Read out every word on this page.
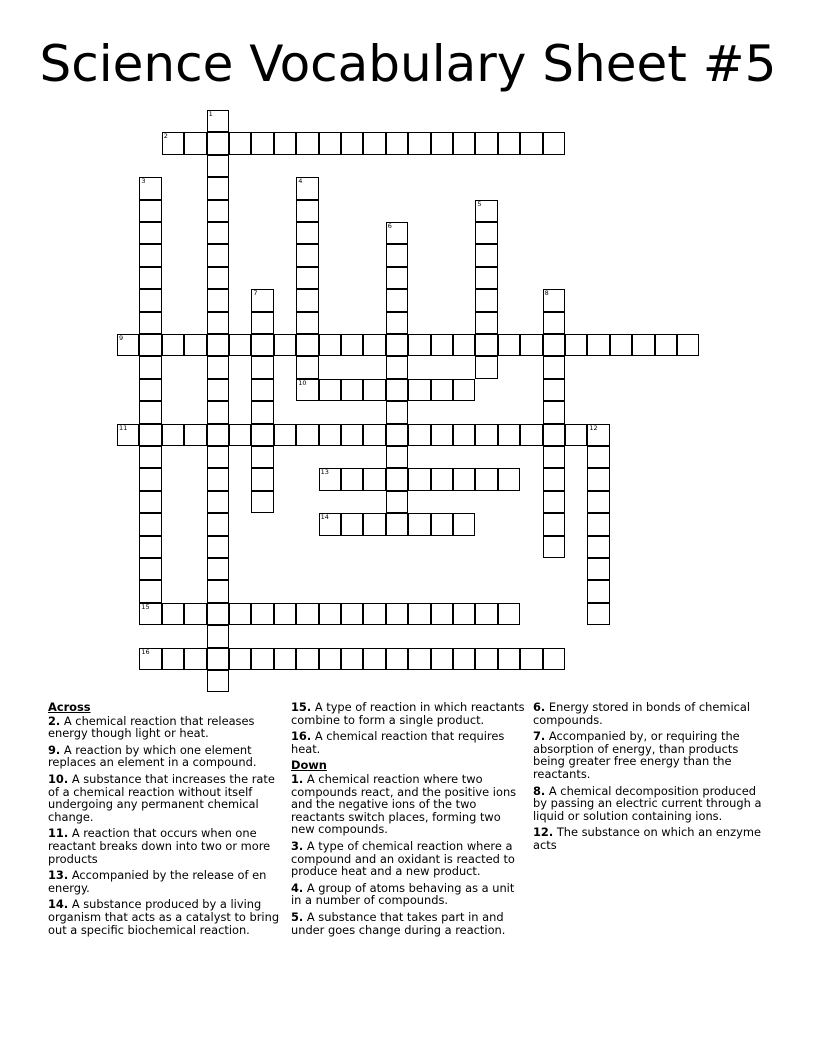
Science Vocabulary Sheet #5
1
2
3	4
10
5
6
7	8
9
11	12
13
14
15
16
Across
2. A chemical reaction that releases energy though light or heat.
9. A reaction by which one element replaces an element in a compound.
10. A substance that increases the rate of a chemical reaction without itself undergoing any permanent chemical change.
11. A reaction that occurs when one reactant breaks down into two or more products
13. Accompanied by the release of en energy.
14. A substance produced by a living organism that acts as a catalyst to bring out a specific biochemical reaction.
15. A type of reaction in which reactants combine to form a single product.
16. A chemical reaction that requires heat.
Down
1. A chemical reaction where two compounds react, and the positive ions and the negative ions of the two reactants switch places, forming two new compounds.
3. A type of chemical reaction where a compound and an oxidant is reacted to produce heat and a new product.
4. A group of atoms behaving as a unit in a number of compounds.
5. A substance that takes part in and under goes change during a reaction.
6. Energy stored in bonds of chemical compounds.
7. Accompanied by, or requiring the absorption of energy, than products being greater free energy than the reactants.
8. A chemical decomposition produced by passing an electric current through a liquid or solution containing ions.
12. The substance on which an enzyme acts
